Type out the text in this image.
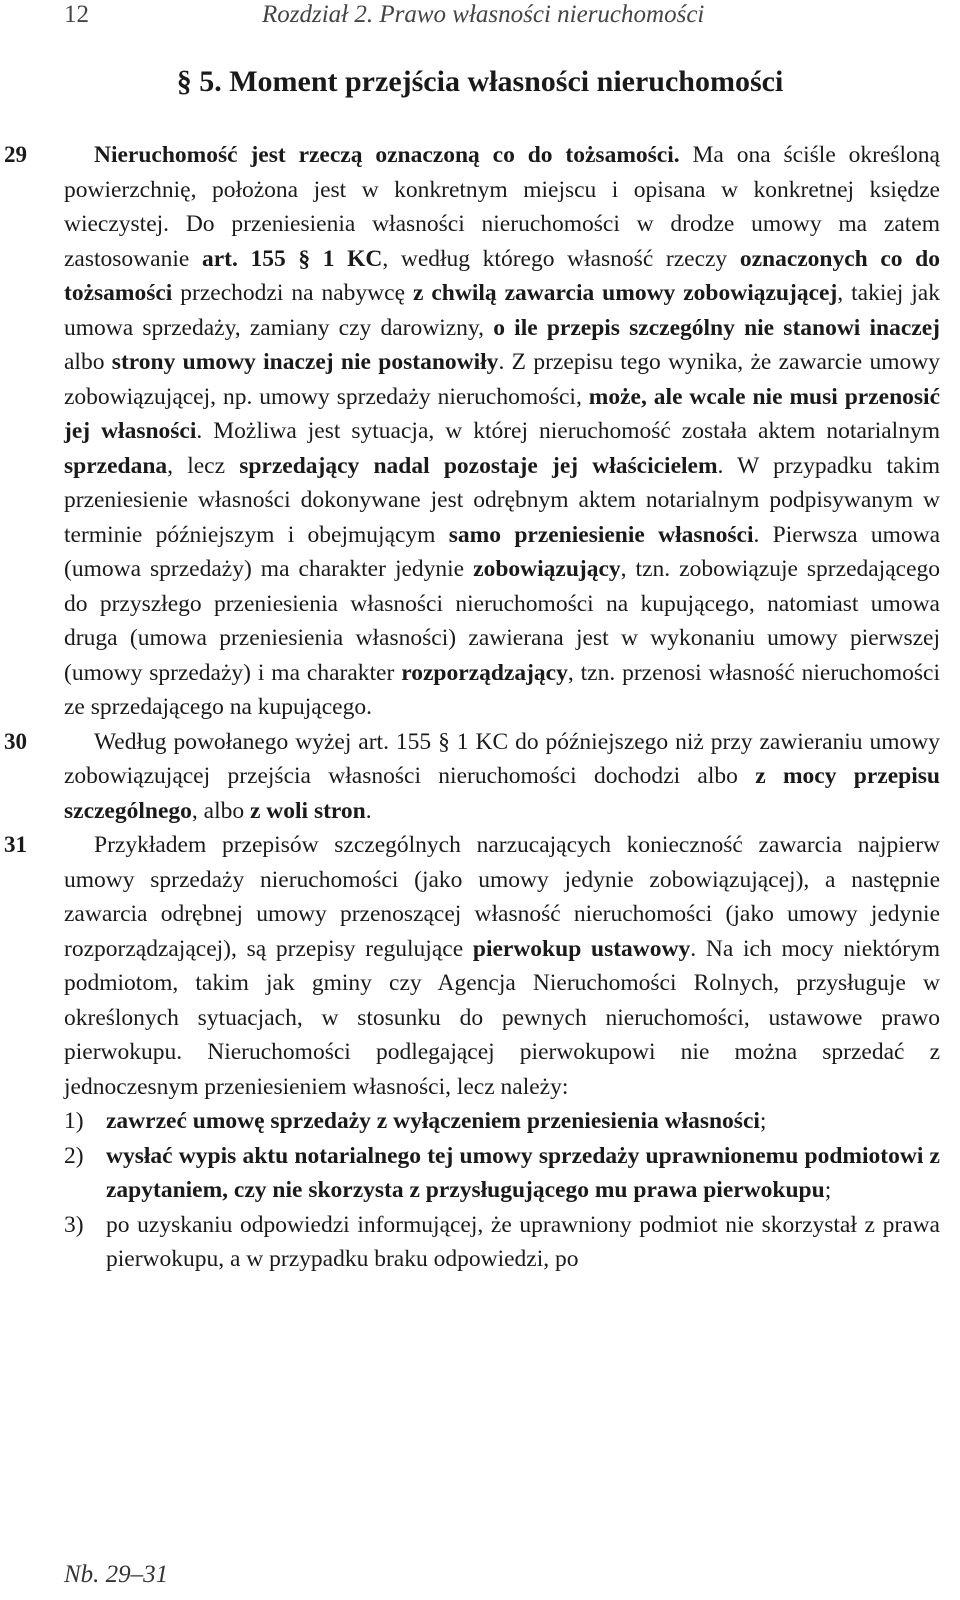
12	Rozdział 2. Prawo własności nieruchomości
§ 5. Moment przejścia własności nieruchomości

29	Nieruchomość jest rzeczą oznaczoną co do tożsamości. Ma ona ściśle określoną powierzchnię, położona jest w konkretnym miejscu i opisana w konkretnej księdze wieczystej. Do przeniesienia własności nieruchomości w drodze umowy ma zatem zastosowanie art. 155 § 1 KC, według którego własność rzeczy oznaczonych co do tożsamości przechodzi na nabywcę z chwilą zawarcia umowy zobowiązującej, takiej jak umowa sprzedaży, zamiany czy darowizny, o ile przepis szczególny nie stanowi inaczej albo strony umowy inaczej nie postanowiły. Z przepisu tego wynika, że zawarcie umowy zobowiązującej, np. umowy sprzedaży nieruchomości, może, ale wcale nie musi przenosić jej własności. Możliwa jest sytuacja, w której nieruchomość została aktem notarialnym sprzedana, lecz sprzedający nadal pozostaje jej właścicielem. W przypadku takim przeniesienie własności dokonywane jest odrębnym aktem notarialnym podpisywanym w terminie późniejszym i obejmującym samo przeniesienie własności. Pierwsza umowa (umowa sprzedaży) ma charakter jedynie zobowiązujący, tzn. zobowiązuje sprzedającego do przyszłego przeniesienia własności nieruchomości na kupującego, natomiast umowa druga (umowa przeniesienia własności) zawierana jest w wykonaniu umowy pierwszej (umowy sprzedaży) i ma charakter rozporządzający, tzn. przenosi własność nieruchomości ze sprzedającego na kupującego.

30	Według powołanego wyżej art. 155 § 1 KC do późniejszego niż przy zawieraniu umowy zobowiązującej przejścia własności nieruchomości dochodzi albo z mocy przepisu szczególnego, albo z woli stron.

31	Przykładem przepisów szczególnych narzucających konieczność zawarcia najpierw umowy sprzedaży nieruchomości (jako umowy jedynie zobowiązującej), a następnie zawarcia odrębnej umowy przenoszącej własność nieruchomości (jako umowy jedynie rozporządzającej), są przepisy regulujące pierwokup ustawowy. Na ich mocy niektórym podmiotom, takim jak gminy czy Agencja Nieruchomości Rolnych, przysługuje w określonych sytuacjach, w stosunku do pewnych nieruchomości, ustawowe prawo pierwokupu. Nieruchomości podlegającej pierwokupowi nie można sprzedać z jednoczesnym przeniesieniem własności, lecz należy:

1) zawrzeć umowę sprzedaży z wyłączeniem przeniesienia własności;
2) wysłać wypis aktu notarialnego tej umowy sprzedaży uprawnionemu podmiotowi z zapytaniem, czy nie skorzysta z przysługującego mu prawa pierwokupu;
3) po uzyskaniu odpowiedzi informującej, że uprawniony podmiot nie skorzystał z prawa pierwokupu, a w przypadku braku odpowiedzi, po
Nb. 29–31
